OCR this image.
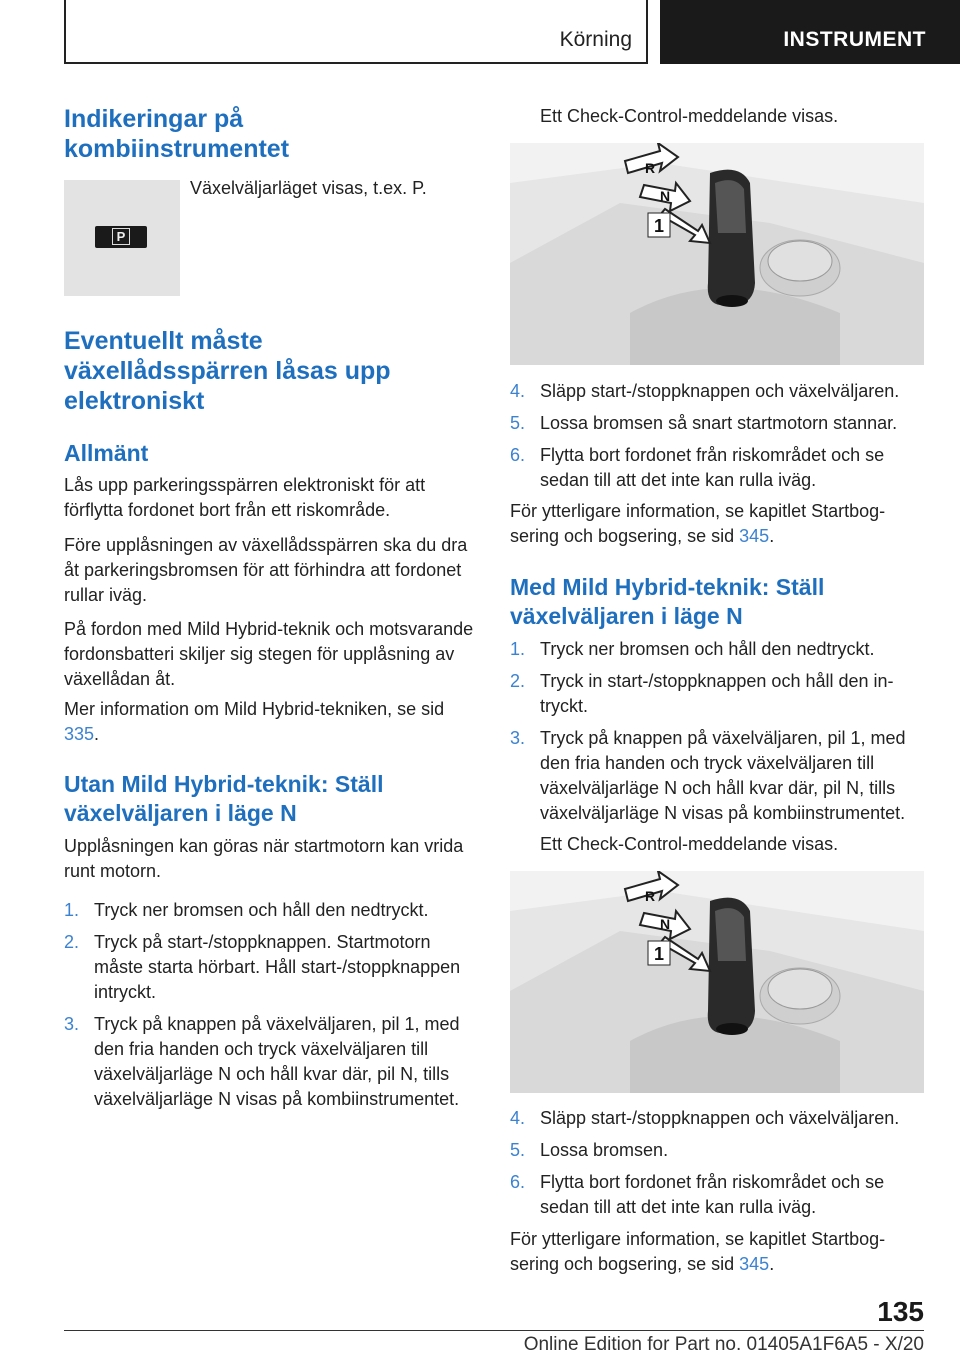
Körning	INSTRUMENT
Indikeringar på kombiinstrumentet
P

Växelväljarläget visas, t.ex. P.

Eventuellt måste växellådsspärren låsas upp elektroniskt
Allmänt

Lås upp parkeringsspärren elektroniskt för att förflytta fordonet bort från ett riskområde.

Före upplåsningen av växellådsspärren ska du dra åt parkeringsbromsen för att förhindra att fordonet rullar iväg.

På fordon med Mild Hybrid-teknik och motsvarande fordonsbatteri skiljer sig stegen för upplåsning av växellådan åt.

Mer information om Mild Hybrid-tekniken, se sid 335.

Utan Mild Hybrid-teknik: Ställ växelväljaren i läge N

Upplåsningen kan göras när startmotorn kan vrida runt motorn.

1. Tryck ner bromsen och håll den nedtryckt.
2. Tryck på start-/stoppknappen. Startmotorn måste starta hörbart. Håll start-/stoppknappen intryckt.
3. Tryck på knappen på växelväljaren, pil 1, med den fria handen och tryck växelväljaren till växelväljarläge N och håll kvar där, pil N, tills växelväljarläge N visas på kombiinstrumentet.

Ett Check-Control-meddelande visas.

R
N
1
4. Släpp start-/stoppknappen och växelväljaren.
5. Lossa bromsen så snart startmotorn stannar.
6. Flytta bort fordonet från riskområdet och se sedan till att det inte kan rulla iväg.

För ytterligare information, se kapitlet Startbogsering och bogsering, se sid 345.

Med Mild Hybrid-teknik: Ställ växelväljaren i läge N
1. Tryck ner bromsen och håll den nedtryckt.
2. Tryck in start-/stoppknappen och håll den intryckt.
3. Tryck på knappen på växelväljaren, pil 1, med den fria handen och tryck växelväljaren till växelväljarläge N och håll kvar där, pil N, tills växelväljarläge N visas på kombiinstrumentet.

Ett Check-Control-meddelande visas.

R
N
1
4. Släpp start-/stoppknappen och växelväljaren.
5. Lossa bromsen.
6. Flytta bort fordonet från riskområdet och se sedan till att det inte kan rulla iväg.

För ytterligare information, se kapitlet Startbogsering och bogsering, se sid 345.

135
Online Edition for Part no. 01405A1F6A5 - X/20
